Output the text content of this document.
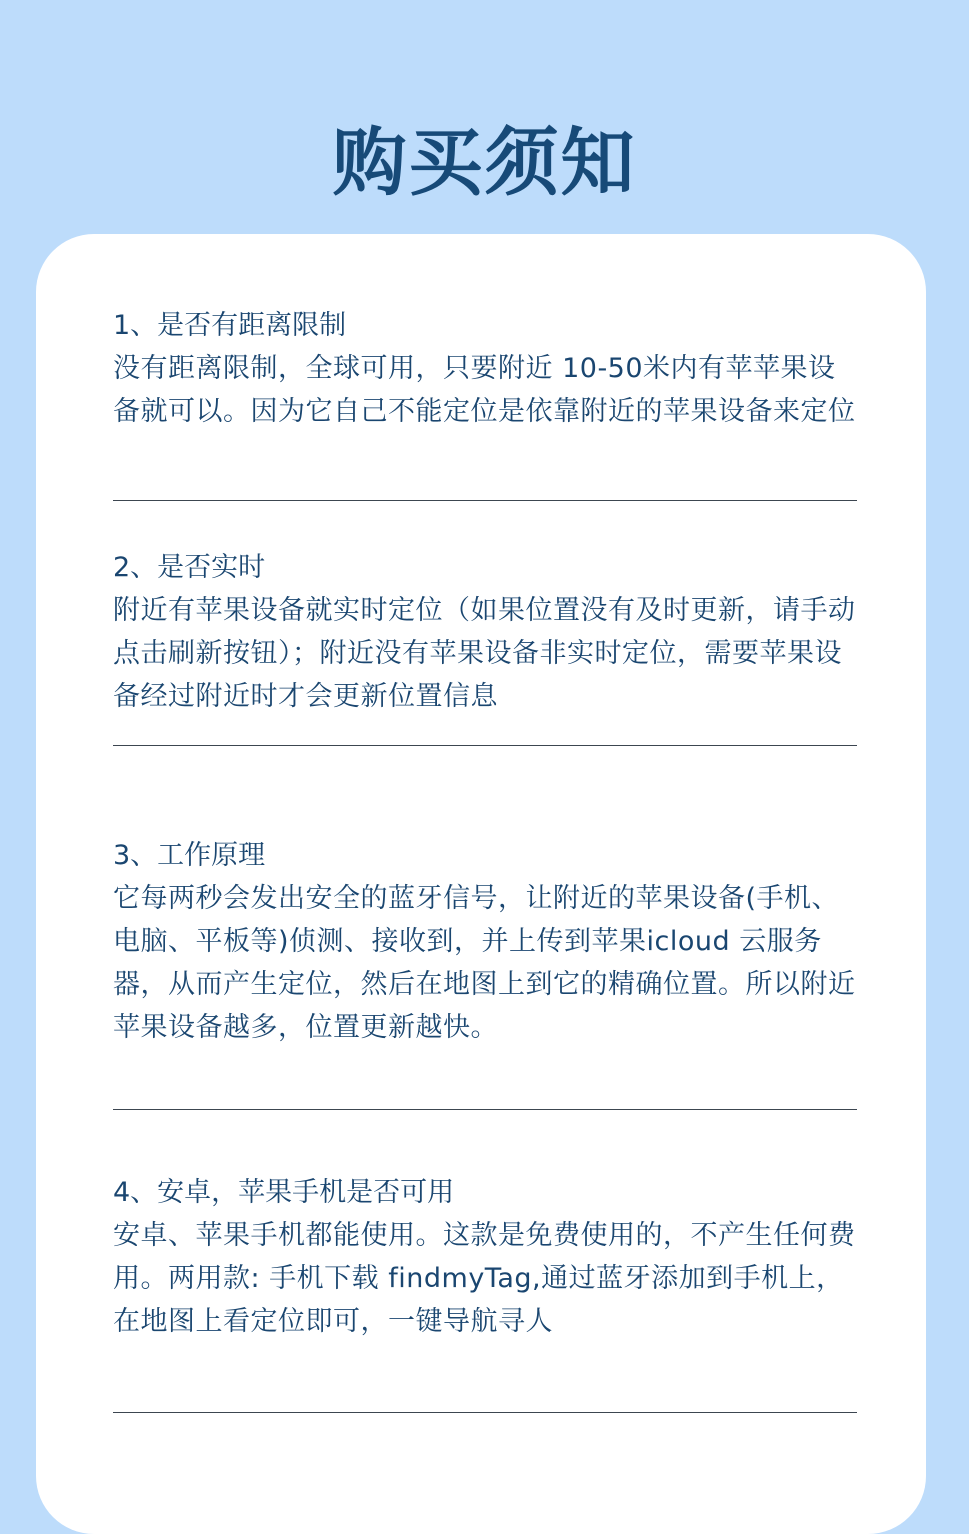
购买须知
1、是否有距离限制

没有距离限制，全球可用，只要附近 10-50米内有苹苹果设备就可以。因为它自己不能定位是依靠附近的苹果设备来定位

2、是否实时

附近有苹果设备就实时定位（如果位置没有及时更新，请手动点击刷新按钮）；附近没有苹果设备非实时定位，需要苹果设备经过附近时才会更新位置信息

3、工作原理

它每两秒会发出安全的蓝牙信号，让附近的苹果设备(手机、电脑、平板等)侦测、接收到，并上传到苹果icloud 云服务器，从而产生定位，然后在地图上到它的精确位置。所以附近苹果设备越多，位置更新越快。

4、安卓，苹果手机是否可用

安卓、苹果手机都能使用。这款是免费使用的，不产生任何费用。两用款: 手机下载 findmyTag,通过蓝牙添加到手机上，在地图上看定位即可，一键导航寻人
